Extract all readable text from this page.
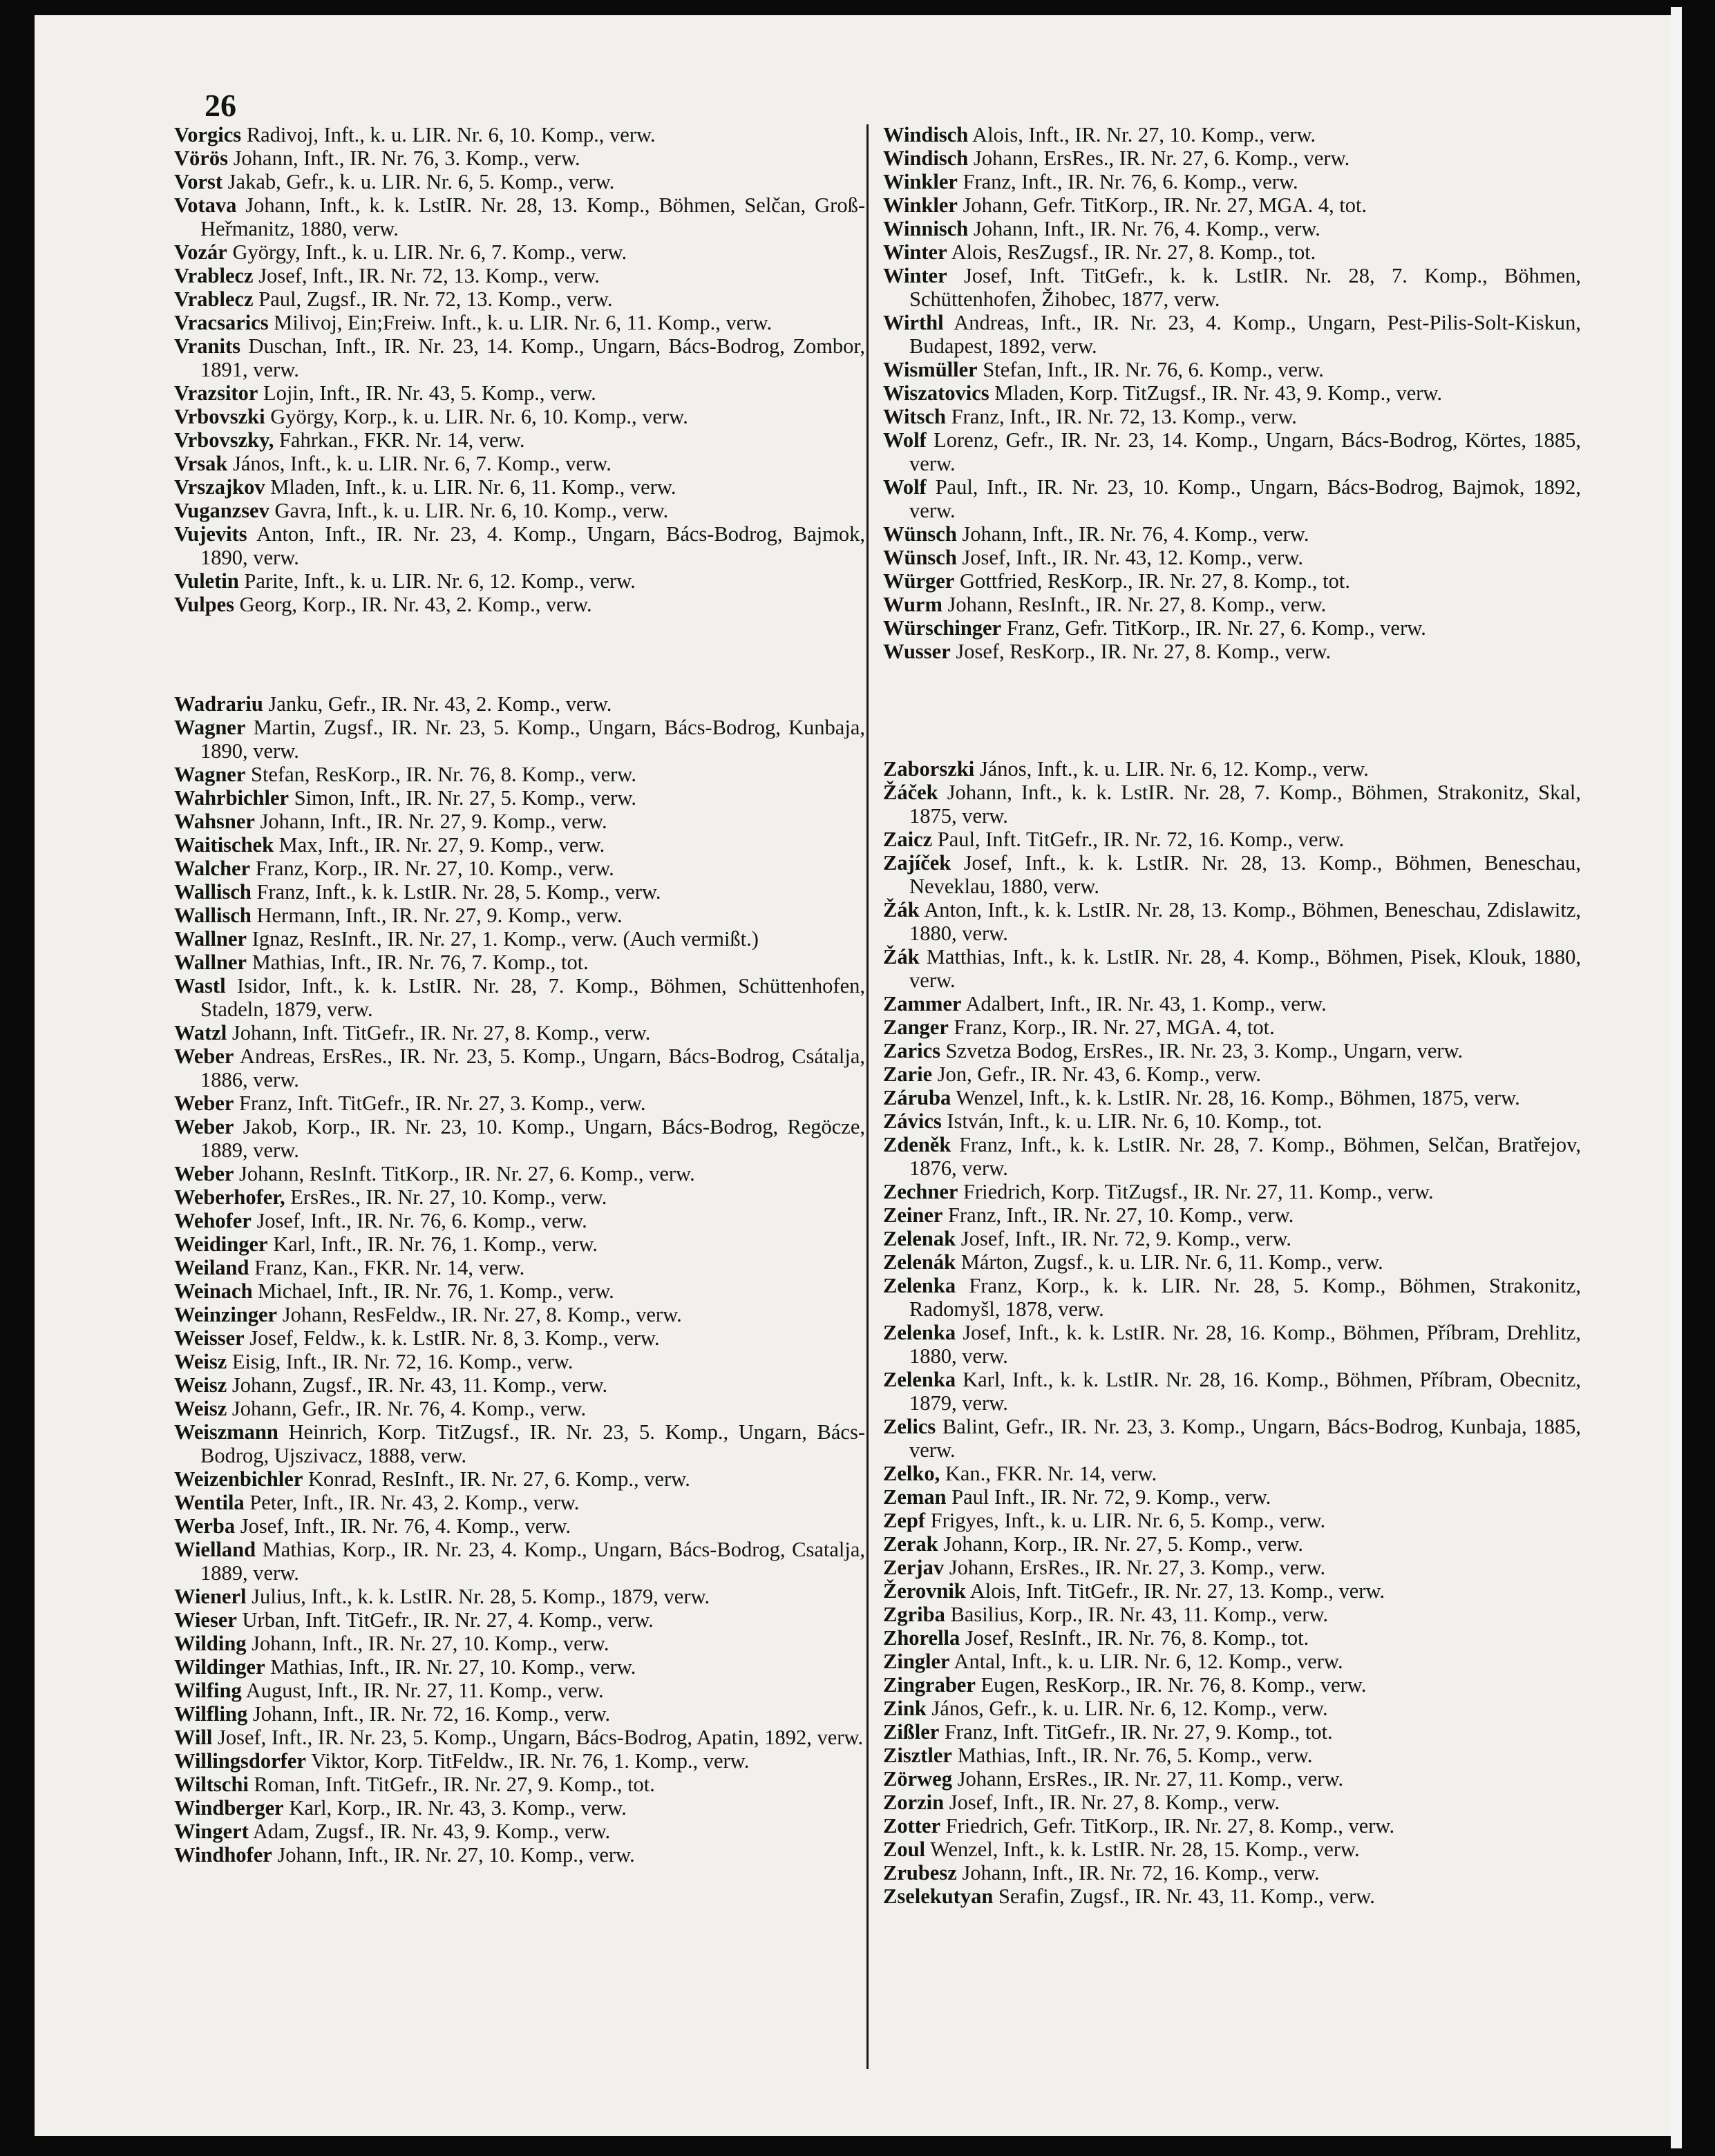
26

Vorgics Radivoj, Inft., k. u. LIR. Nr. 6, 10. Komp., verw.

Vörös Johann, Inft., IR. Nr. 76, 3. Komp., verw.

Vorst Jakab, Gefr., k. u. LIR. Nr. 6, 5. Komp., verw.

Votava Johann, Inft., k. k. LstIR. Nr. 28, 13. Komp., Böhmen, Selčan, Groß-Heřmanitz, 1880, verw.

Vozár György, Inft., k. u. LIR. Nr. 6, 7. Komp., verw.

Vrablecz Josef, Inft., IR. Nr. 72, 13. Komp., verw.

Vrablecz Paul, Zugsf., IR. Nr. 72, 13. Komp., verw.

Vracsarics Milivoj, Ein;Freiw. Inft., k. u. LIR. Nr. 6, 11. Komp., verw.

Vranits Duschan, Inft., IR. Nr. 23, 14. Komp., Ungarn, Bács-Bodrog, Zombor, 1891, verw.

Vrazsitor Lojin, Inft., IR. Nr. 43, 5. Komp., verw.

Vrbovszki György, Korp., k. u. LIR. Nr. 6, 10. Komp., verw.

Vrbovszky, Fahrkan., FKR. Nr. 14, verw.

Vrsak János, Inft., k. u. LIR. Nr. 6, 7. Komp., verw.

Vrszajkov Mladen, Inft., k. u. LIR. Nr. 6, 11. Komp., verw.

Vuganzsev Gavra, Inft., k. u. LIR. Nr. 6, 10. Komp., verw.

Vujevits Anton, Inft., IR. Nr. 23, 4. Komp., Ungarn, Bács-Bodrog, Bajmok, 1890, verw.

Vuletin Parite, Inft., k. u. LIR. Nr. 6, 12. Komp., verw.

Vulpes Georg, Korp., IR. Nr. 43, 2. Komp., verw.

Wadrariu Janku, Gefr., IR. Nr. 43, 2. Komp., verw.

Wagner Martin, Zugsf., IR. Nr. 23, 5. Komp., Ungarn, Bács-Bodrog, Kunbaja, 1890, verw.

Wagner Stefan, ResKorp., IR. Nr. 76, 8. Komp., verw.

Wahrbichler Simon, Inft., IR. Nr. 27, 5. Komp., verw.

Wahsner Johann, Inft., IR. Nr. 27, 9. Komp., verw.

Waitischek Max, Inft., IR. Nr. 27, 9. Komp., verw.

Walcher Franz, Korp., IR. Nr. 27, 10. Komp., verw.

Wallisch Franz, Inft., k. k. LstIR. Nr. 28, 5. Komp., verw.

Wallisch Hermann, Inft., IR. Nr. 27, 9. Komp., verw.

Wallner Ignaz, ResInft., IR. Nr. 27, 1. Komp., verw. (Auch vermißt.)

Wallner Mathias, Inft., IR. Nr. 76, 7. Komp., tot.

Wastl Isidor, Inft., k. k. LstIR. Nr. 28, 7. Komp., Böhmen, Schüttenhofen, Stadeln, 1879, verw.

Watzl Johann, Inft. TitGefr., IR. Nr. 27, 8. Komp., verw.

Weber Andreas, ErsRes., IR. Nr. 23, 5. Komp., Ungarn, Bács-Bodrog, Csátalja, 1886, verw.

Weber Franz, Inft. TitGefr., IR. Nr. 27, 3. Komp., verw.

Weber Jakob, Korp., IR. Nr. 23, 10. Komp., Ungarn, Bács-Bodrog, Regöcze, 1889, verw.

Weber Johann, ResInft. TitKorp., IR. Nr. 27, 6. Komp., verw.

Weberhofer, ErsRes., IR. Nr. 27, 10. Komp., verw.

Wehofer Josef, Inft., IR. Nr. 76, 6. Komp., verw.

Weidinger Karl, Inft., IR. Nr. 76, 1. Komp., verw.

Weiland Franz, Kan., FKR. Nr. 14, verw.

Weinach Michael, Inft., IR. Nr. 76, 1. Komp., verw.

Weinzinger Johann, ResFeldw., IR. Nr. 27, 8. Komp., verw.

Weisser Josef, Feldw., k. k. LstIR. Nr. 8, 3. Komp., verw.

Weisz Eisig, Inft., IR. Nr. 72, 16. Komp., verw.

Weisz Johann, Zugsf., IR. Nr. 43, 11. Komp., verw.

Weisz Johann, Gefr., IR. Nr. 76, 4. Komp., verw.

Weiszmann Heinrich, Korp. TitZugsf., IR. Nr. 23, 5. Komp., Ungarn, Bács-Bodrog, Ujszivacz, 1888, verw.

Weizenbichler Konrad, ResInft., IR. Nr. 27, 6. Komp., verw.

Wentila Peter, Inft., IR. Nr. 43, 2. Komp., verw.

Werba Josef, Inft., IR. Nr. 76, 4. Komp., verw.

Wielland Mathias, Korp., IR. Nr. 23, 4. Komp., Ungarn, Bács-Bodrog, Csatalja, 1889, verw.

Wienerl Julius, Inft., k. k. LstIR. Nr. 28, 5. Komp., 1879, verw.

Wieser Urban, Inft. TitGefr., IR. Nr. 27, 4. Komp., verw.

Wilding Johann, Inft., IR. Nr. 27, 10. Komp., verw.

Wildinger Mathias, Inft., IR. Nr. 27, 10. Komp., verw.

Wilfing August, Inft., IR. Nr. 27, 11. Komp., verw.

Wilfling Johann, Inft., IR. Nr. 72, 16. Komp., verw.

Will Josef, Inft., IR. Nr. 23, 5. Komp., Ungarn, Bács-Bodrog, Apatin, 1892, verw.

Willingsdorfer Viktor, Korp. TitFeldw., IR. Nr. 76, 1. Komp., verw.

Wiltschi Roman, Inft. TitGefr., IR. Nr. 27, 9. Komp., tot.

Windberger Karl, Korp., IR. Nr. 43, 3. Komp., verw.

Wingert Adam, Zugsf., IR. Nr. 43, 9. Komp., verw.

Windhofer Johann, Inft., IR. Nr. 27, 10. Komp., verw.

Windisch Alois, Inft., IR. Nr. 27, 10. Komp., verw.

Windisch Johann, ErsRes., IR. Nr. 27, 6. Komp., verw.

Winkler Franz, Inft., IR. Nr. 76, 6. Komp., verw.

Winkler Johann, Gefr. TitKorp., IR. Nr. 27, MGA. 4, tot.

Winnisch Johann, Inft., IR. Nr. 76, 4. Komp., verw.

Winter Alois, ResZugsf., IR. Nr. 27, 8. Komp., tot.

Winter Josef, Inft. TitGefr., k. k. LstIR. Nr. 28, 7. Komp., Böhmen, Schüttenhofen, Žihobec, 1877, verw.

Wirthl Andreas, Inft., IR. Nr. 23, 4. Komp., Ungarn, Pest-Pilis-Solt-Kiskun, Budapest, 1892, verw.

Wismüller Stefan, Inft., IR. Nr. 76, 6. Komp., verw.

Wiszatovics Mladen, Korp. TitZugsf., IR. Nr. 43, 9. Komp., verw.

Witsch Franz, Inft., IR. Nr. 72, 13. Komp., verw.

Wolf Lorenz, Gefr., IR. Nr. 23, 14. Komp., Ungarn, Bács-Bodrog, Körtes, 1885, verw.

Wolf Paul, Inft., IR. Nr. 23, 10. Komp., Ungarn, Bács-Bodrog, Bajmok, 1892, verw.

Wünsch Johann, Inft., IR. Nr. 76, 4. Komp., verw.

Wünsch Josef, Inft., IR. Nr. 43, 12. Komp., verw.

Würger Gottfried, ResKorp., IR. Nr. 27, 8. Komp., tot.

Wurm Johann, ResInft., IR. Nr. 27, 8. Komp., verw.

Würschinger Franz, Gefr. TitKorp., IR. Nr. 27, 6. Komp., verw.

Wusser Josef, ResKorp., IR. Nr. 27, 8. Komp., verw.

Zaborszki János, Inft., k. u. LIR. Nr. 6, 12. Komp., verw.

Žáček Johann, Inft., k. k. LstIR. Nr. 28, 7. Komp., Böhmen, Strakonitz, Skal, 1875, verw.

Zaicz Paul, Inft. TitGefr., IR. Nr. 72, 16. Komp., verw.

Zajíček Josef, Inft., k. k. LstIR. Nr. 28, 13. Komp., Böhmen, Beneschau, Neveklau, 1880, verw.

Žák Anton, Inft., k. k. LstIR. Nr. 28, 13. Komp., Böhmen, Beneschau, Zdislawitz, 1880, verw.

Žák Matthias, Inft., k. k. LstIR. Nr. 28, 4. Komp., Böhmen, Pisek, Klouk, 1880, verw.

Zammer Adalbert, Inft., IR. Nr. 43, 1. Komp., verw.

Zanger Franz, Korp., IR. Nr. 27, MGA. 4, tot.

Zarics Szvetza Bodog, ErsRes., IR. Nr. 23, 3. Komp., Ungarn, verw.

Zarie Jon, Gefr., IR. Nr. 43, 6. Komp., verw.

Záruba Wenzel, Inft., k. k. LstIR. Nr. 28, 16. Komp., Böhmen, 1875, verw.

Závics István, Inft., k. u. LIR. Nr. 6, 10. Komp., tot.

Zdeněk Franz, Inft., k. k. LstIR. Nr. 28, 7. Komp., Böhmen, Selčan, Bratřejov, 1876, verw.

Zechner Friedrich, Korp. TitZugsf., IR. Nr. 27, 11. Komp., verw.

Zeiner Franz, Inft., IR. Nr. 27, 10. Komp., verw.

Zelenak Josef, Inft., IR. Nr. 72, 9. Komp., verw.

Zelenák Márton, Zugsf., k. u. LIR. Nr. 6, 11. Komp., verw.

Zelenka Franz, Korp., k. k. LIR. Nr. 28, 5. Komp., Böhmen, Strakonitz, Radomyšl, 1878, verw.

Zelenka Josef, Inft., k. k. LstIR. Nr. 28, 16. Komp., Böhmen, Příbram, Drehlitz, 1880, verw.

Zelenka Karl, Inft., k. k. LstIR. Nr. 28, 16. Komp., Böhmen, Příbram, Obecnitz, 1879, verw.

Zelics Balint, Gefr., IR. Nr. 23, 3. Komp., Ungarn, Bács-Bodrog, Kunbaja, 1885, verw.

Zelko, Kan., FKR. Nr. 14, verw.

Zeman Paul Inft., IR. Nr. 72, 9. Komp., verw.

Zepf Frigyes, Inft., k. u. LIR. Nr. 6, 5. Komp., verw.

Zerak Johann, Korp., IR. Nr. 27, 5. Komp., verw.

Zerjav Johann, ErsRes., IR. Nr. 27, 3. Komp., verw.

Žerovnik Alois, Inft. TitGefr., IR. Nr. 27, 13. Komp., verw.

Zgriba Basilius, Korp., IR. Nr. 43, 11. Komp., verw.

Zhorella Josef, ResInft., IR. Nr. 76, 8. Komp., tot.

Zingler Antal, Inft., k. u. LIR. Nr. 6, 12. Komp., verw.

Zingraber Eugen, ResKorp., IR. Nr. 76, 8. Komp., verw.

Zink János, Gefr., k. u. LIR. Nr. 6, 12. Komp., verw.

Zißler Franz, Inft. TitGefr., IR. Nr. 27, 9. Komp., tot.

Zisztler Mathias, Inft., IR. Nr. 76, 5. Komp., verw.

Zörweg Johann, ErsRes., IR. Nr. 27, 11. Komp., verw.

Zorzin Josef, Inft., IR. Nr. 27, 8. Komp., verw.

Zotter Friedrich, Gefr. TitKorp., IR. Nr. 27, 8. Komp., verw.

Zoul Wenzel, Inft., k. k. LstIR. Nr. 28, 15. Komp., verw.

Zrubesz Johann, Inft., IR. Nr. 72, 16. Komp., verw.

Zselekutyan Serafin, Zugsf., IR. Nr. 43, 11. Komp., verw.
